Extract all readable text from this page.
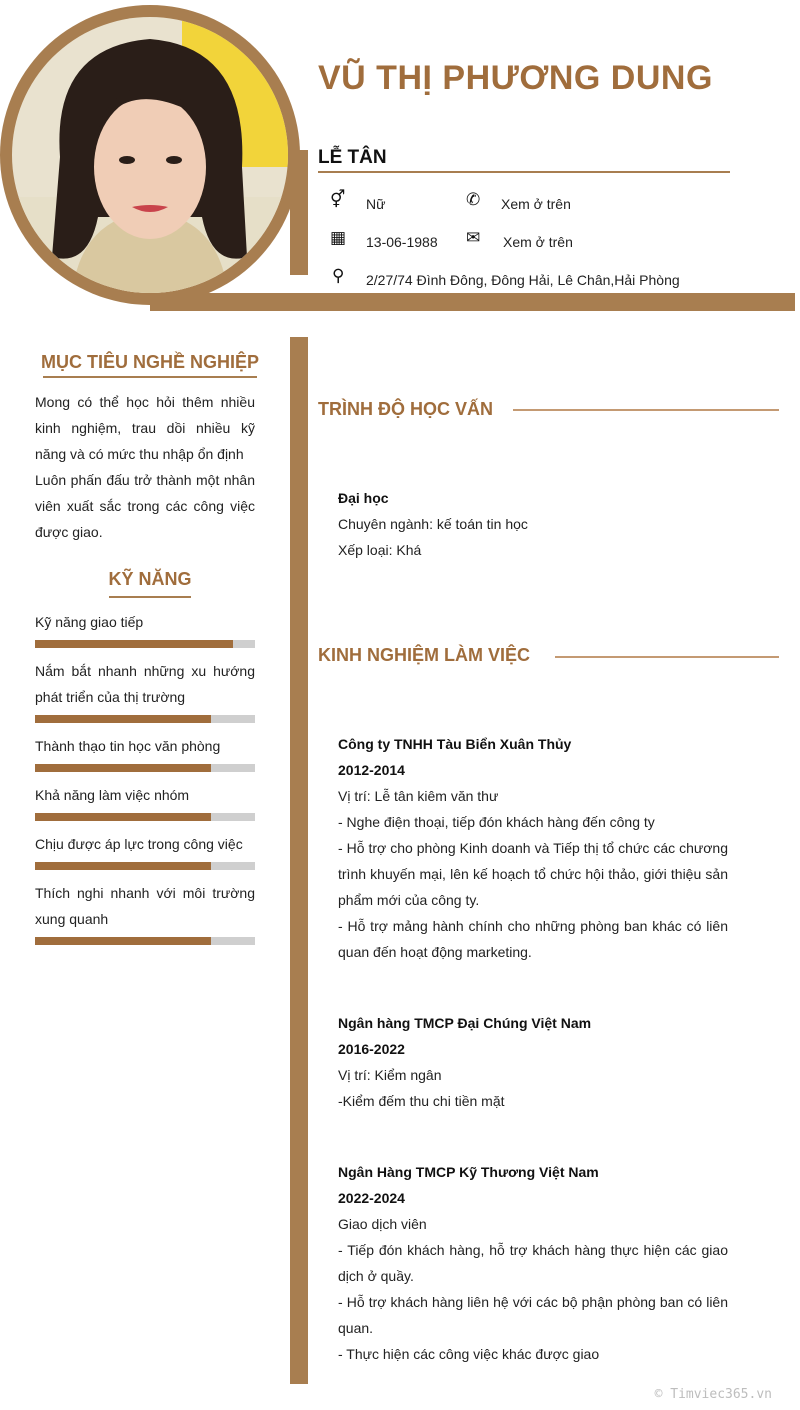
VŨ THỊ PHƯƠNG DUNG
LỄ TÂN
⚥ Nữ	✆ Xem ở trên
▦ 13-06-1988 ✉ Xem ở trên
⚲ 2/27/74 Đình Đông, Đông Hải, Lê Chân,Hải Phòng
MỤC TIÊU NGHỀ NGHIỆP
Mong có thể học hỏi thêm nhiều kinh nghiệm, trau dồi nhiều kỹ năng và có mức thu nhập ổn định
Luôn phấn đấu trở thành một nhân viên xuất sắc trong các công việc được giao.
KỸ NĂNG
Kỹ năng giao tiếp
Nắm bắt nhanh những xu hướng phát triển của thị trường
Thành thạo tin học văn phòng
Khả năng làm việc nhóm
Chịu được áp lực trong công việc
Thích nghi nhanh với môi trường xung quanh
TRÌNH ĐỘ HỌC VẤN
Đại học
Chuyên ngành: kế toán tin học
Xếp loại: Khá
KINH NGHIỆM LÀM VIỆC
Công ty TNHH Tàu Biển Xuân Thủy
2012-2014
Vị trí: Lễ tân kiêm văn thư
- Nghe điện thoại, tiếp đón khách hàng đến công ty
- Hỗ trợ cho phòng Kinh doanh và Tiếp thị tổ chức các chương trình khuyến mại, lên kế hoạch tổ chức hội thảo, giới thiệu sản phẩm mới của công ty.
- Hỗ trợ mảng hành chính cho những phòng ban khác có liên quan đến hoạt động marketing.
Ngân hàng TMCP Đại Chúng Việt Nam
2016-2022
Vị trí: Kiểm ngân
-Kiểm đếm thu chi tiền mặt
Ngân Hàng TMCP Kỹ Thương Việt Nam
2022-2024
Giao dịch viên
- Tiếp đón khách hàng, hỗ trợ khách hàng thực hiện các giao dịch ở quầy.
- Hỗ trợ khách hàng liên hệ với các bộ phận phòng ban có liên quan.
- Thực hiện các công việc khác được giao
© Timviec365.vn
